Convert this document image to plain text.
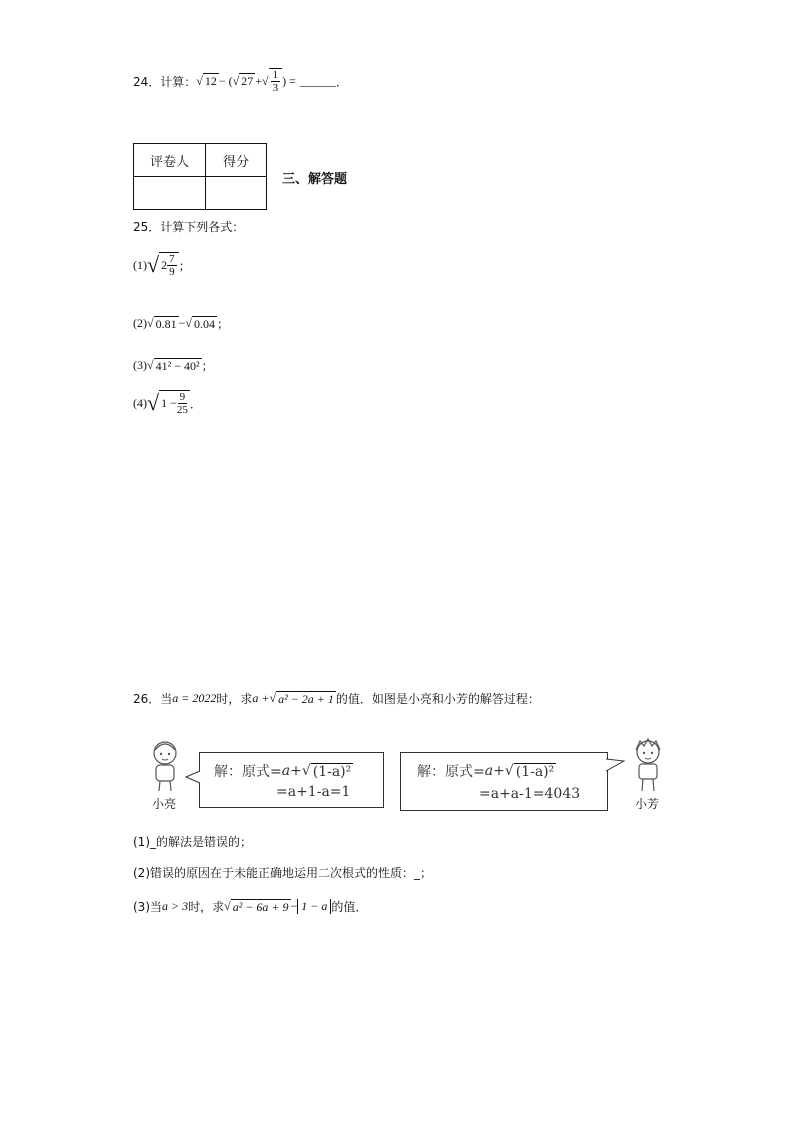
24．计算： √ 12 − ( √ 27 + √ $\frac{1}{3}$ ) = ______ ．
评卷人	得分

三、解答题
25．计算下列各式：
(1) √ $2 \frac{7}{9}$ ；
(2) √ 0.81 − √ 0.04 ；
(3) √ 41² − 40² ；
(4) √ $1 - \frac{9}{25}$ ．
26．当 a = 2022 时，求 a + √ a² − 2a + 1 的值．如图是小亮和小芳的解答过程：
小亮
解：原式= a+ √ (1-a)²
=a+1-a=1
解：原式= a+ √ (1-a)²
=a+a-1=4043
小芳
(1)_的解法是错误的；
(2)错误的原因在于未能正确地运用二次根式的性质：_；
(3)当 a > 3 时，求 √ a² − 6a + 9 − 1 − a 的值．
